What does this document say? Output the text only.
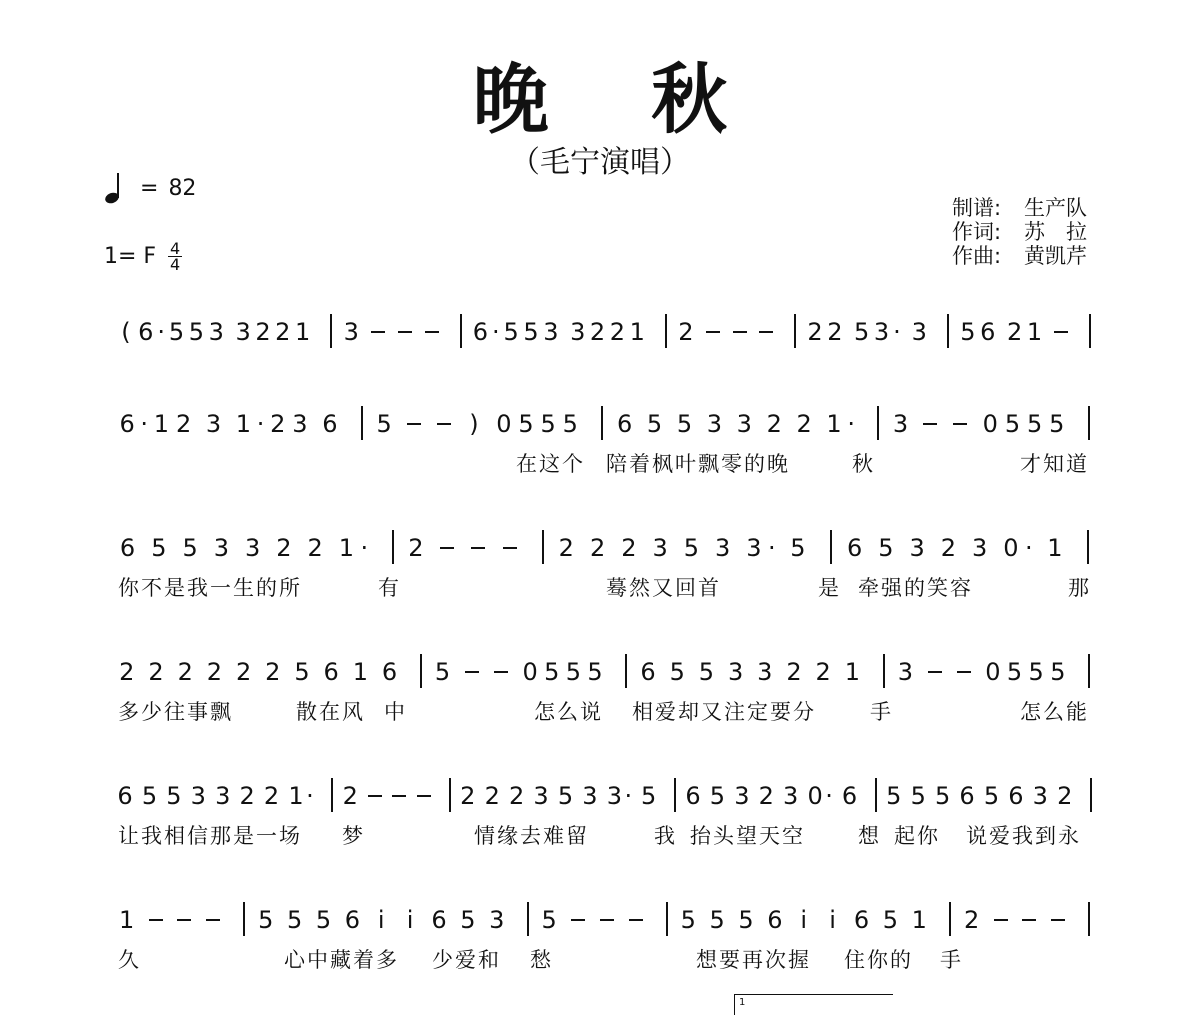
晚 秋
（毛宁演唱）
= 82
1= F 4
4
制谱:	生产队
作词:	苏　拉
作曲:	黄凯芹
( 6 · 5 5 3 3 2 2 1 3	6 · 5 5 3 3 2 2 1 2	2 2 5 3 · 3 5 6 2 1
6 · 1 2 3 1 · 2 3 6 5	) 0 5 5 5 6 5 5 3 3 2 2 1 · 3	0 5 5 5
在这个 陪着枫叶飘零的晚	秋	才知道
6 5 5 3 3 2 2 1 · 2	2 2 2 3 5 3 3 · 5 6 5 3 2 3 0 · 1
你不是我一生的所	有	蓦然又回首	是 牵强的笑容	那
2 2 2 2 2 2 5 6 1 6 5	0 5 5 5 6 5 5 3 3 2 2 1 3	0 5 5 5
多少往事飘	散在风 中	怎么说 相爱却又注定要分	手	怎么能
6 5 5 3 3 2 2 1 · 2	2 2 2 3 5 3 3 · 5 6 5 3 2 3 0 · 6 5 5 5 6 5 6 3 2
让我相信那是一场 梦	情缘去难留	我 抬头望天空	想 起你 说爱我到永
1	5 5 5 6 i i 6 5 3 5	5 5 5 6 i i 6 5 1 2
久	心中藏着多 少爱和 愁	想要再次握 住你的 手
1
